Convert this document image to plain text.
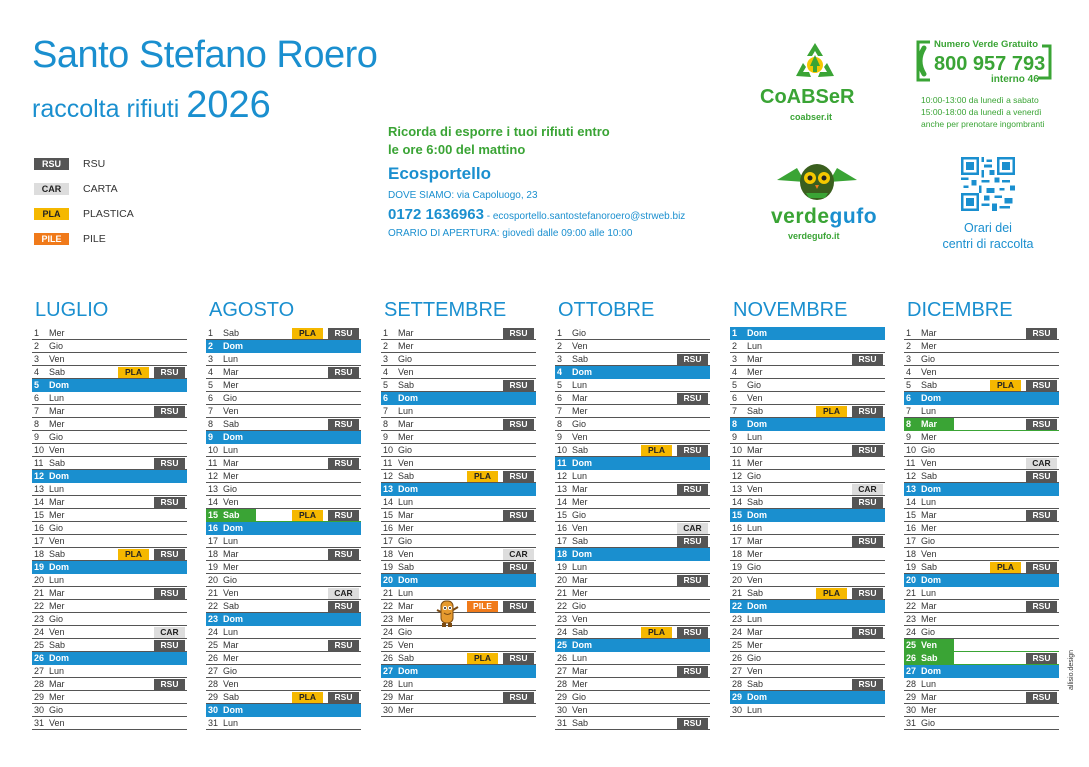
Santo Stefano Roero
raccolta rifiuti 2026
RSU	RSU
CAR	CARTA
PLA	PLASTICA
PILE	PILE
Ricorda di esporre i tuoi rifiuti entro
le ore 6:00 del mattino
Ecosportello
DOVE SIAMO: via Capoluogo, 23
0172 1636963 - ecosportello.santostefanoroero@strweb.biz
ORARIO DI APERTURA: giovedì dalle 09:00 alle 10:00
CoABSeR
coabser.it
verdegufo
verdegufo.it
Numero Verde Gratuito
800 957 793
interno 46
10:00-13:00 da lunedì a sabato
15:00-18:00 da lunedì a venerdì
anche per prenotare ingombranti
Orari dei
centri di raccolta
allisio.design
LUGLIO
1	Mer
2	Gio
3	Ven
4	Sab	PLA	RSU
5	Dom
6	Lun
7	Mar	RSU
8	Mer
9	Gio
10 Ven
11 Sab	RSU
12 Dom
13 Lun
14 Mar	RSU
15 Mer
16 Gio
17 Ven
18 Sab	PLA	RSU
19 Dom
20 Lun
21 Mar	RSU
22 Mer
23 Gio
24 Ven	CAR
25 Sab	RSU
26 Dom
27 Lun
28 Mar	RSU
29 Mer
30 Gio
31 Ven
AGOSTO
1	Sab	PLA	RSU
2	Dom
3	Lun
4	Mar	RSU
5	Mer
6	Gio
7	Ven
8	Sab	RSU
9	Dom
10 Lun
11 Mar	RSU
12 Mer
13 Gio
14 Ven
15 Sab	PLA	RSU
16 Dom
17 Lun
18 Mar	RSU
19 Mer
20 Gio
21 Ven	CAR
22 Sab	RSU
23 Dom
24 Lun
25 Mar	RSU
26 Mer
27 Gio
28 Ven
29 Sab	PLA	RSU
30 Dom
31 Lun
SETTEMBRE
1	Mar	RSU
2	Mer
3	Gio
4	Ven
5	Sab	RSU
6	Dom
7	Lun
8	Mar	RSU
9	Mer
10 Gio
11 Ven
12 Sab	PLA	RSU
13 Dom
14 Lun
15 Mar	RSU
16 Mer
17 Gio
18 Ven	CAR
19 Sab	RSU
20 Dom
21 Lun
22 Mar	PILE	RSU
23 Mer
24 Gio
25 Ven
26 Sab	PLA	RSU
27 Dom
28 Lun
29 Mar	RSU
30 Mer
OTTOBRE
1	Gio
2	Ven
3	Sab	RSU
4	Dom
5	Lun
6	Mar	RSU
7	Mer
8	Gio
9	Ven
10 Sab	PLA	RSU
11 Dom
12 Lun
13 Mar	RSU
14 Mer
15 Gio
16 Ven	CAR
17 Sab	RSU
18 Dom
19 Lun
20 Mar	RSU
21 Mer
22 Gio
23 Ven
24 Sab	PLA	RSU
25 Dom
26 Lun
27 Mar	RSU
28 Mer
29 Gio
30 Ven
31 Sab	RSU
NOVEMBRE
1	Dom
2	Lun
3	Mar	RSU
4	Mer
5	Gio
6	Ven
7	Sab	PLA	RSU
8	Dom
9	Lun
10 Mar	RSU
11 Mer
12 Gio
13 Ven	CAR
14 Sab	RSU
15 Dom
16 Lun
17 Mar	RSU
18 Mer
19 Gio
20 Ven
21 Sab	PLA	RSU
22 Dom
23 Lun
24 Mar	RSU
25 Mer
26 Gio
27 Ven
28 Sab	RSU
29 Dom
30 Lun
DICEMBRE
1	Mar	RSU
2	Mer
3	Gio
4	Ven
5	Sab	PLA	RSU
6	Dom
7	Lun
8	Mar	RSU
9	Mer
10 Gio
11 Ven	CAR
12 Sab	RSU
13 Dom
14 Lun
15 Mar	RSU
16 Mer
17 Gio
18 Ven
19 Sab	PLA	RSU
20 Dom
21 Lun
22 Mar	RSU
23 Mer
24 Gio
25 Ven
26 Sab	RSU
27 Dom
28 Lun
29 Mar	RSU
30 Mer
31 Gio
